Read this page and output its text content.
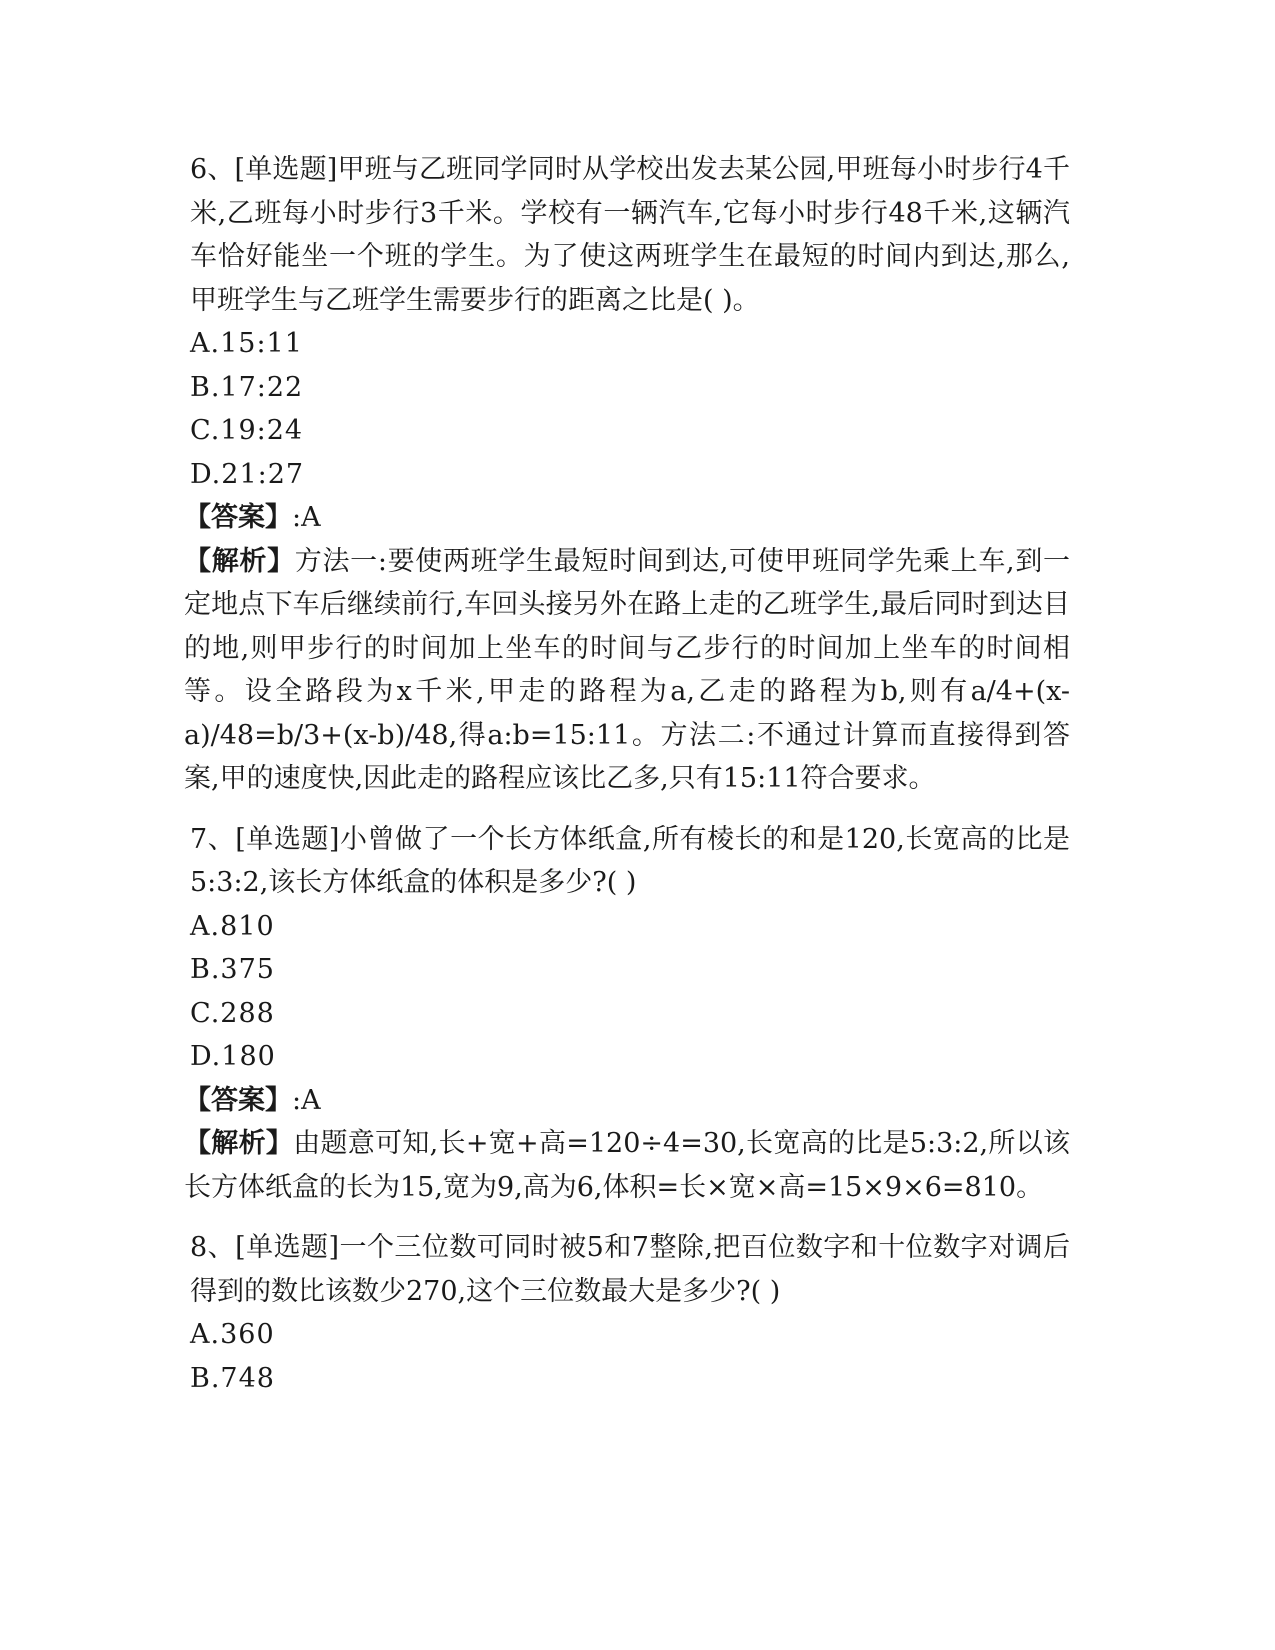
6、[单选题]甲班与乙班同学同时从学校出发去某公园,甲班每小时步行4千米,乙班每小时步行3千米。学校有一辆汽车,它每小时步行48千米,这辆汽车恰好能坐一个班的学生。为了使这两班学生在最短的时间内到达,那么,甲班学生与乙班学生需要步行的距离之比是( )。
A.15:11
B.17:22
C.19:24
D.21:27
【答案】:A
【解析】方法一:要使两班学生最短时间到达,可使甲班同学先乘上车,到一定地点下车后继续前行,车回头接另外在路上走的乙班学生,最后同时到达目的地,则甲步行的时间加上坐车的时间与乙步行的时间加上坐车的时间相等。设全路段为x千米,甲走的路程为a,乙走的路程为b,则有a/4+(x-a)/48=b/3+(x-b)/48,得a:b=15:11。方法二:不通过计算而直接得到答案,甲的速度快,因此走的路程应该比乙多,只有15:11符合要求。
7、[单选题]小曾做了一个长方体纸盒,所有棱长的和是120,长宽高的比是5:3:2,该长方体纸盒的体积是多少?( )
A.810
B.375
C.288
D.180
【答案】:A
【解析】由题意可知,长+宽+高=120÷4=30,长宽高的比是5:3:2,所以该长方体纸盒的长为15,宽为9,高为6,体积=长×宽×高=15×9×6=810。
8、[单选题]一个三位数可同时被5和7整除,把百位数字和十位数字对调后得到的数比该数少270,这个三位数最大是多少?( )
A.360
B.748
